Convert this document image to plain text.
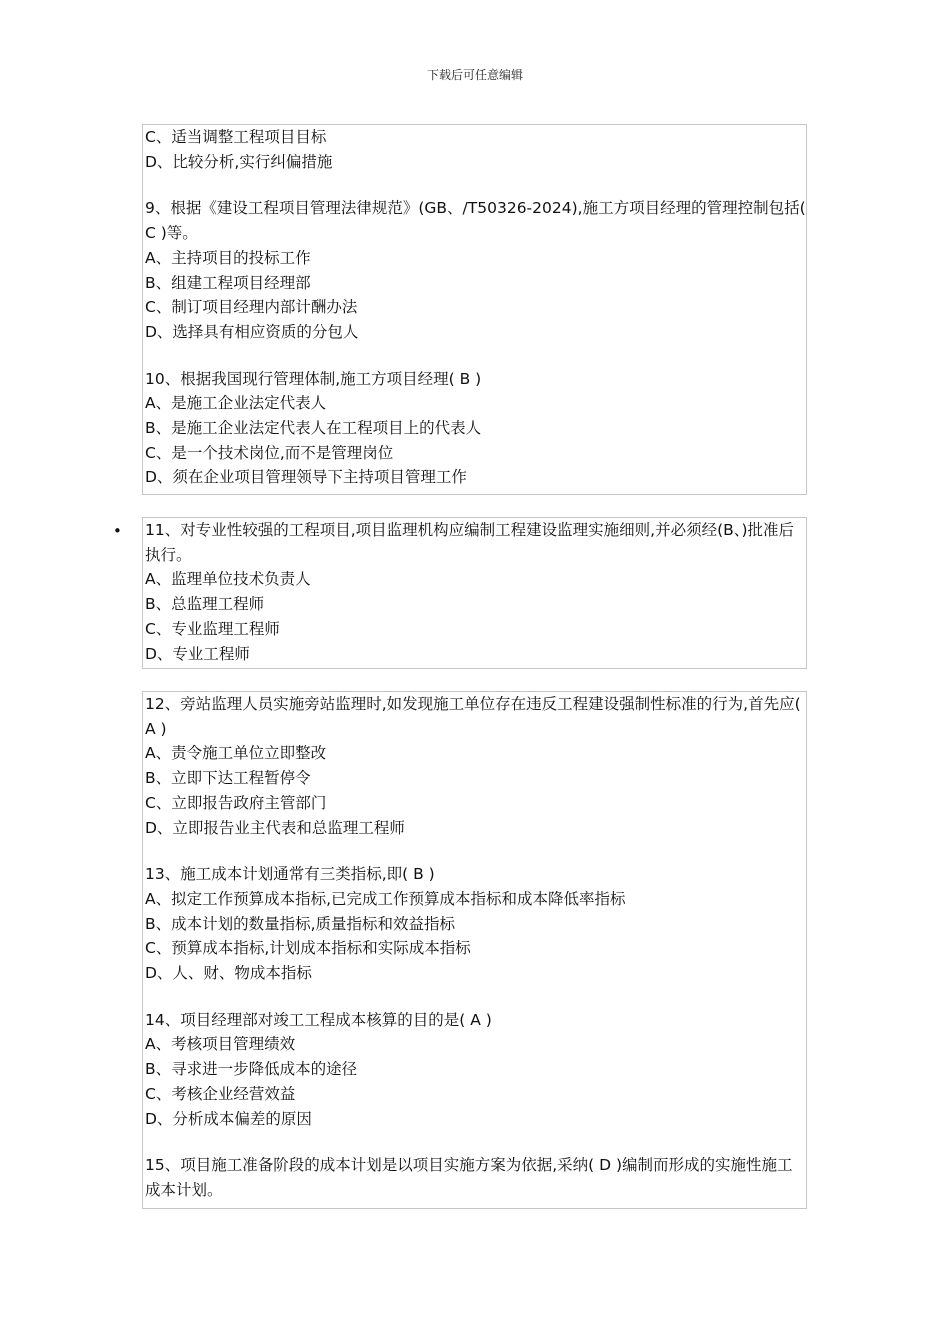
下载后可任意编辑
C、适当调整工程项目目标
D、比较分析,实行纠偏措施
9、根据《建设工程项目管理法律规范》(GB、/T50326-2024),施工方项目经理的管理控制包括( C )等。
A、主持项目的投标工作
B、组建工程项目经理部
C、制订项目经理内部计酬办法
D、选择具有相应资质的分包人
10、根据我国现行管理体制,施工方项目经理( B )
A、是施工企业法定代表人
B、是施工企业法定代表人在工程项目上的代表人
C、是一个技术岗位,而不是管理岗位
D、须在企业项目管理领导下主持项目管理工作
• 11、对专业性较强的工程项目,项目监理机构应编制工程建设监理实施细则,并必须经(B、)批准后执行。
A、监理单位技术负责人
B、总监理工程师
C、专业监理工程师
D、专业工程师
12、旁站监理人员实施旁站监理时,如发现施工单位存在违反工程建设强制性标准的行为,首先应( A )
A、责令施工单位立即整改
B、立即下达工程暂停令
C、立即报告政府主管部门
D、立即报告业主代表和总监理工程师
13、施工成本计划通常有三类指标,即( B )
A、拟定工作预算成本指标,已完成工作预算成本指标和成本降低率指标
B、成本计划的数量指标,质量指标和效益指标
C、预算成本指标,计划成本指标和实际成本指标
D、人、财、物成本指标
14、项目经理部对竣工工程成本核算的目的是( A )
A、考核项目管理绩效
B、寻求进一步降低成本的途径
C、考核企业经营效益
D、分析成本偏差的原因
15、项目施工准备阶段的成本计划是以项目实施方案为依据,采纳( D )编制而形成的实施性施工成本计划。
